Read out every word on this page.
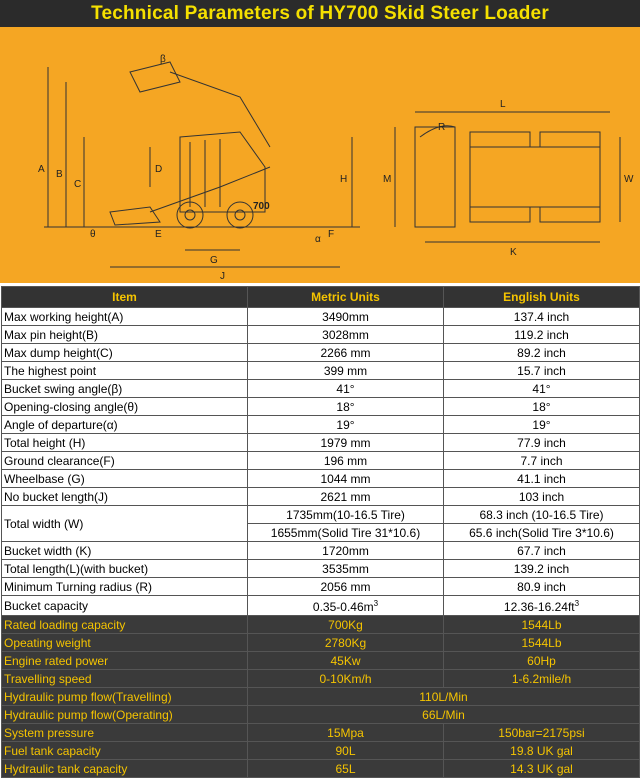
Technical Parameters of HY700 Skid Steer Loader
700
A B
C
D
E	F
G
H
J
K
L
M	W
R
θ
β
α
Item	Metric Units	English Units
Max working height(A)	3490mm	137.4 inch
Max pin height(B)	3028mm	119.2 inch
Max dump height(C)	2266 mm	89.2 inch
The highest point	399 mm	15.7 inch
Bucket swing angle(β)	41°	41°
Opening-closing angle(θ)	18°	18°
Angle of departure(α)	19°	19°
Total height (H)	1979 mm	77.9 inch
Ground clearance(F)	196 mm	7.7 inch
Wheelbase (G)	1044 mm	41.1 inch
No bucket length(J)	2621 mm	103 inch
Total width (W)	1735mm(10-16.5 Tire)	68.3 inch (10-16.5 Tire)
	1655mm(Solid Tire 31*10.6)	65.6 inch(Solid Tire 3*10.6)
Bucket width (K)	1720mm	67.7 inch
Total length(L)(with bucket)	3535mm	139.2 inch
Minimum Turning radius (R)	2056 mm	80.9 inch
Bucket capacity	$0.35-0.46m^3$	$12.36-16.24ft^3$
Rated loading capacity	700Kg	1544Lb
Opeating weight	2780Kg	1544Lb
Engine rated power	45Kw	60Hp
Travelling speed	0-10Km/h	1-6.2mile/h
Hydraulic pump flow(Travelling)	110L/Min	
Hydraulic pump flow(Operating)	66L/Min	
System pressure	15Mpa	150bar=2175psi
Fuel tank capacity	90L	19.8 UK gal
Hydraulic tank capacity	65L	14.3 UK gal
